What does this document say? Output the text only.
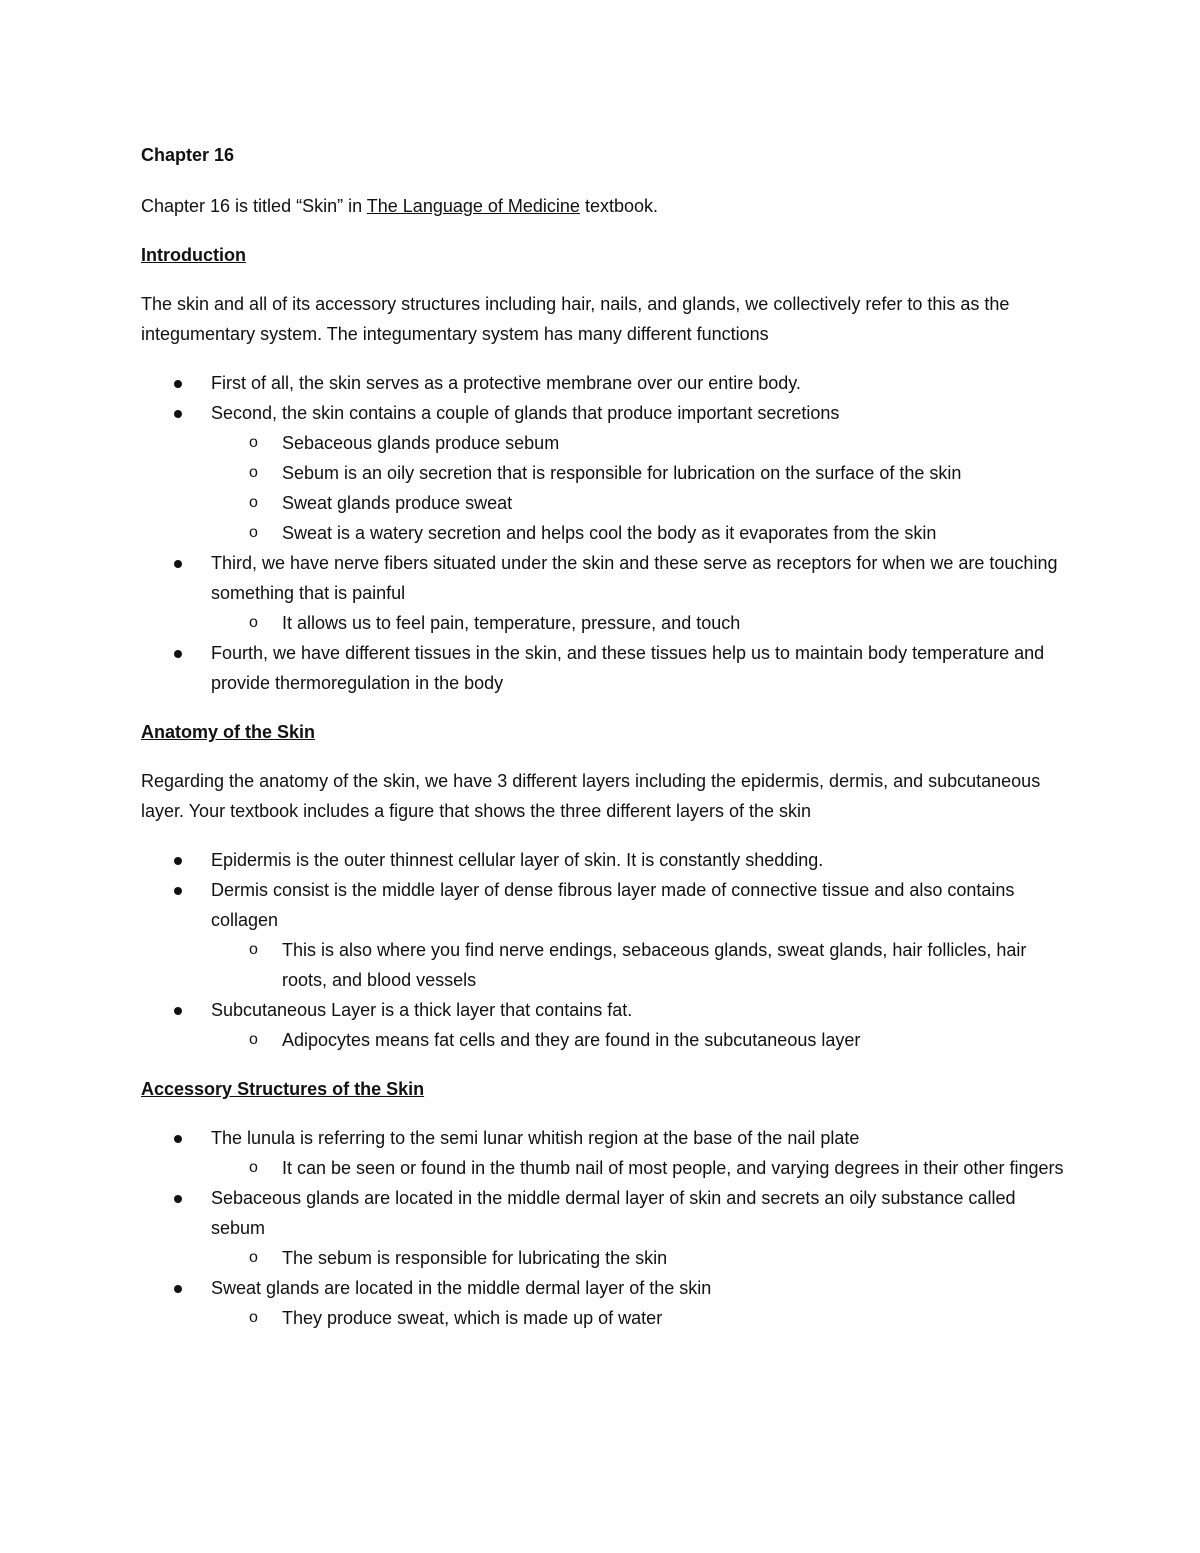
Chapter 16

Chapter 16 is titled “Skin” in The Language of Medicine textbook.

Introduction

The skin and all of its accessory structures including hair, nails, and glands, we collectively refer to this as the integumentary system. The integumentary system has many different functions

First of all, the skin serves as a protective membrane over our entire body.
Second, the skin contains a couple of glands that produce important secretions
o Sebaceous glands produce sebum
o Sebum is an oily secretion that is responsible for lubrication on the surface of the skin
o Sweat glands produce sweat
o Sweat is a watery secretion and helps cool the body as it evaporates from the skin
Third, we have nerve fibers situated under the skin and these serve as receptors for when we are touching something that is painful
o It allows us to feel pain, temperature, pressure, and touch
Fourth, we have different tissues in the skin, and these tissues help us to maintain body temperature and provide thermoregulation in the body

Anatomy of the Skin

Regarding the anatomy of the skin, we have 3 different layers including the epidermis, dermis, and subcutaneous layer. Your textbook includes a figure that shows the three different layers of the skin

Epidermis is the outer thinnest cellular layer of skin. It is constantly shedding.
Dermis consist is the middle layer of dense fibrous layer made of connective tissue and also contains collagen
o This is also where you find nerve endings, sebaceous glands, sweat glands, hair follicles, hair roots, and blood vessels
Subcutaneous Layer is a thick layer that contains fat.
o Adipocytes means fat cells and they are found in the subcutaneous layer

Accessory Structures of the Skin

The lunula is referring to the semi lunar whitish region at the base of the nail plate
o It can be seen or found in the thumb nail of most people, and varying degrees in their other fingers
Sebaceous glands are located in the middle dermal layer of skin and secrets an oily substance called sebum
o The sebum is responsible for lubricating the skin
Sweat glands are located in the middle dermal layer of the skin
o They produce sweat, which is made up of water
